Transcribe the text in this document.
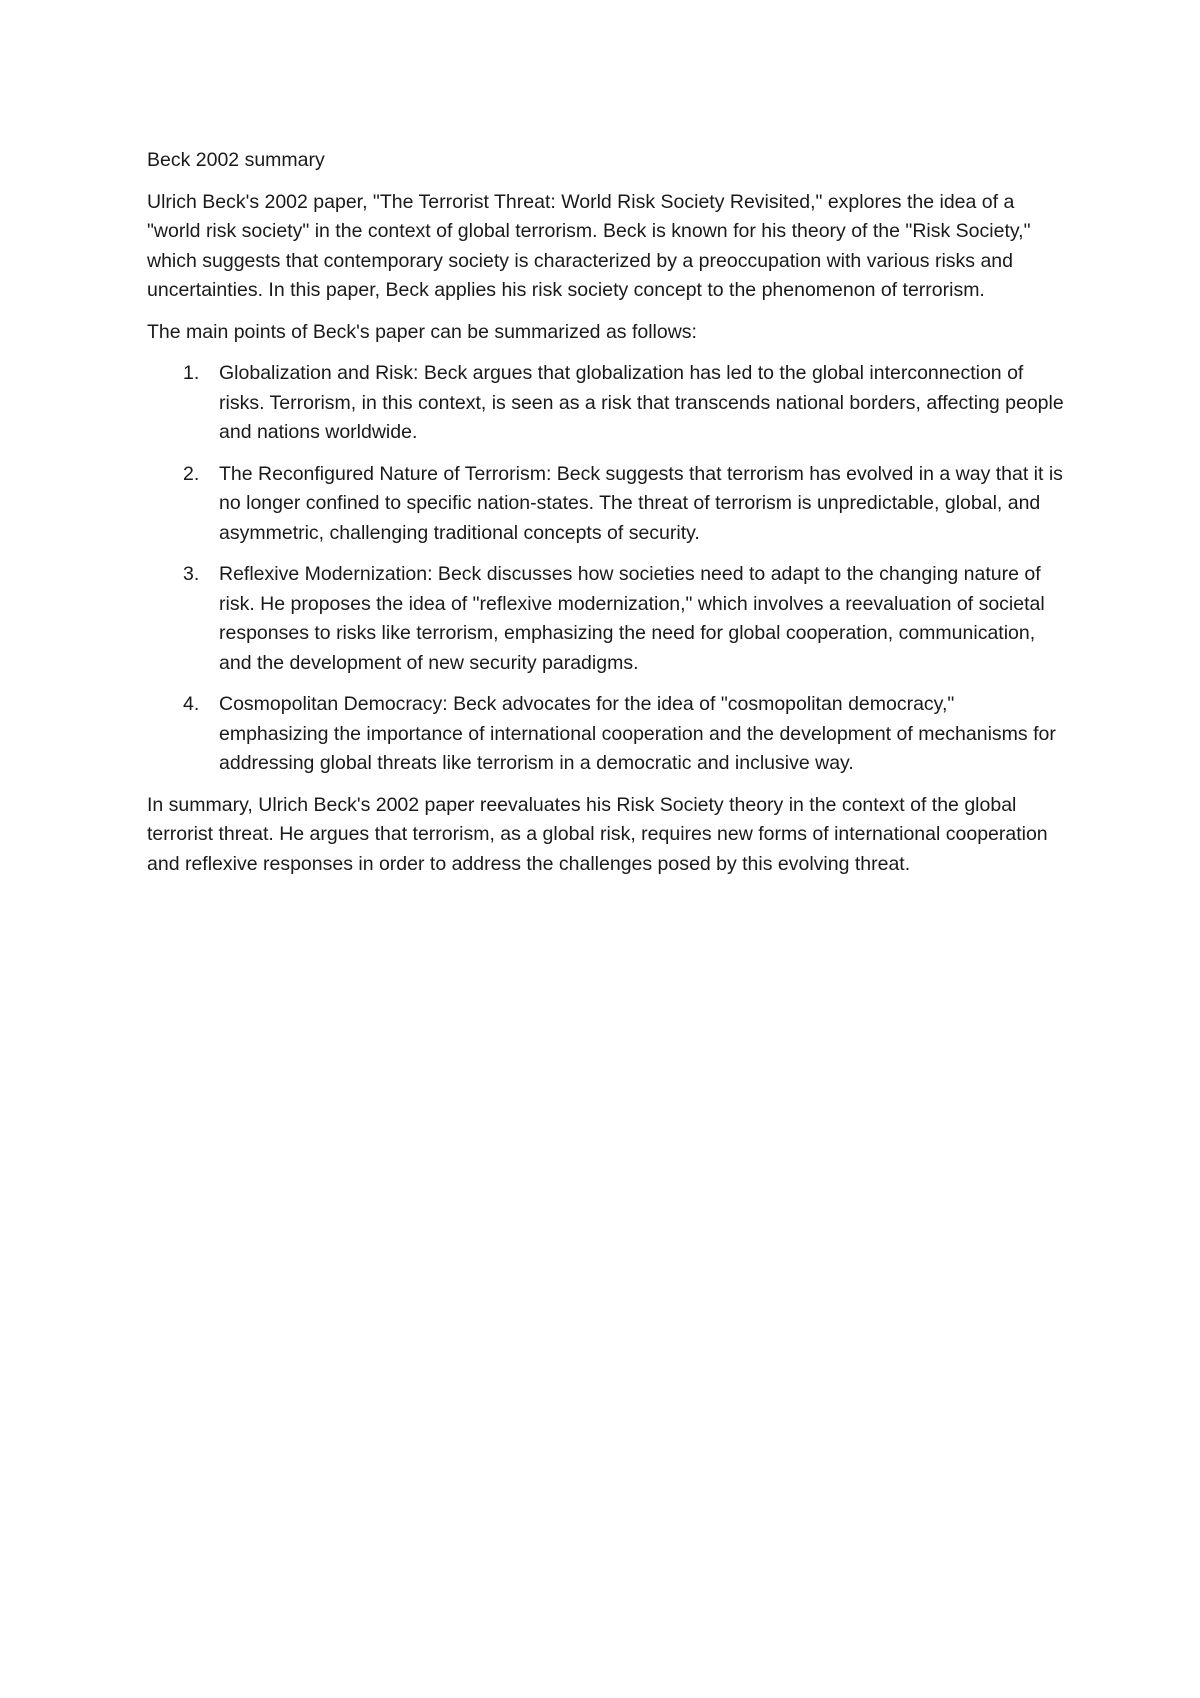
Beck 2002 summary

Ulrich Beck's 2002 paper, "The Terrorist Threat: World Risk Society Revisited," explores the idea of a "world risk society" in the context of global terrorism. Beck is known for his theory of the "Risk Society," which suggests that contemporary society is characterized by a preoccupation with various risks and uncertainties. In this paper, Beck applies his risk society concept to the phenomenon of terrorism.

The main points of Beck's paper can be summarized as follows:

1. Globalization and Risk: Beck argues that globalization has led to the global interconnection of risks. Terrorism, in this context, is seen as a risk that transcends national borders, affecting people and nations worldwide.
2. The Reconfigured Nature of Terrorism: Beck suggests that terrorism has evolved in a way that it is no longer confined to specific nation-states. The threat of terrorism is unpredictable, global, and asymmetric, challenging traditional concepts of security.
3. Reflexive Modernization: Beck discusses how societies need to adapt to the changing nature of risk. He proposes the idea of "reflexive modernization," which involves a reevaluation of societal responses to risks like terrorism, emphasizing the need for global cooperation, communication, and the development of new security paradigms.
4. Cosmopolitan Democracy: Beck advocates for the idea of "cosmopolitan democracy," emphasizing the importance of international cooperation and the development of mechanisms for addressing global threats like terrorism in a democratic and inclusive way.

In summary, Ulrich Beck's 2002 paper reevaluates his Risk Society theory in the context of the global terrorist threat. He argues that terrorism, as a global risk, requires new forms of international cooperation and reflexive responses in order to address the challenges posed by this evolving threat.
